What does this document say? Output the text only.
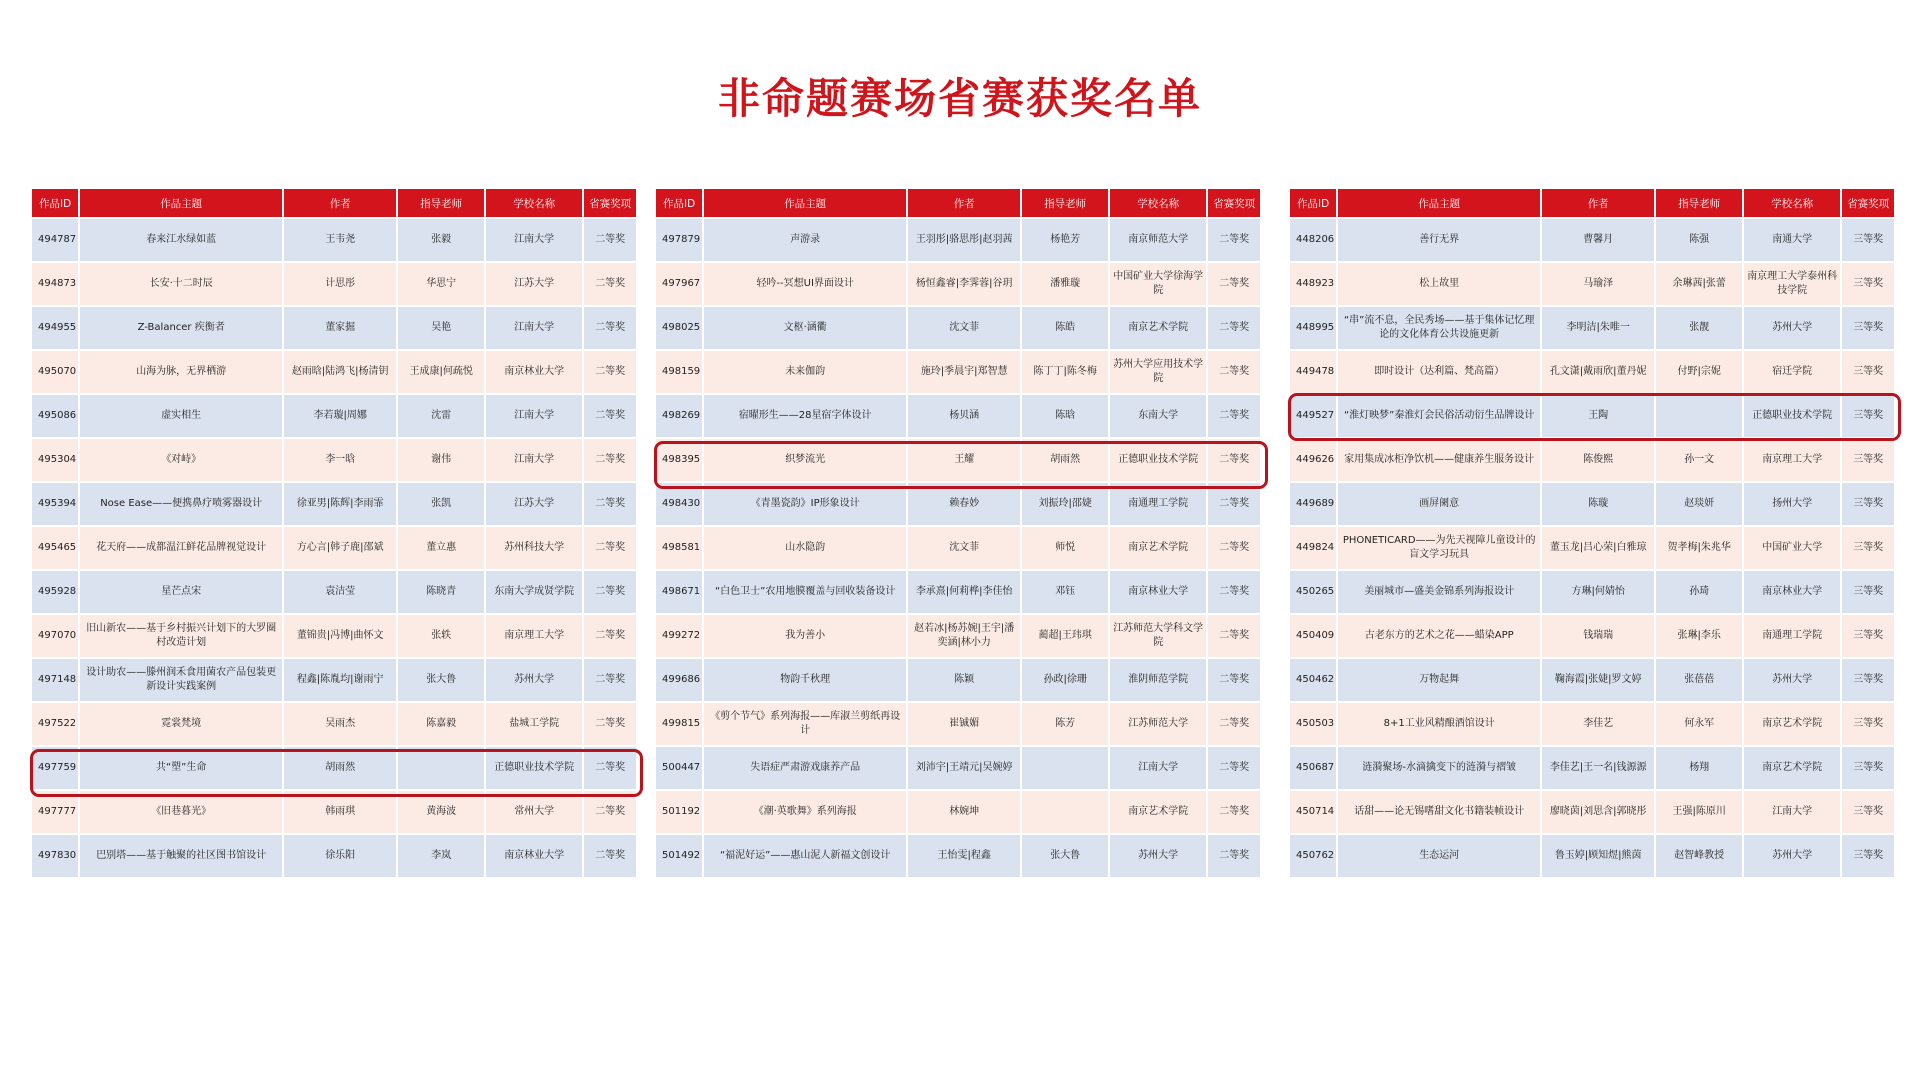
非命题赛场省赛获奖名单
作品ID	作品主题	作者	指导老师	学校名称	省赛奖项
494787	春来江水绿如蓝	王韦尧	张毅	江南大学	二等奖
494873	长安·十二时辰	计思彤	华思宁	江苏大学	二等奖
494955	Z-Balancer 疾衡者	董家掘	吴艳	江南大学	二等奖
495070	山海为脉，无界栖游	赵雨晗|陆鸿飞|杨清钥	王成康|何疏悦	南京林业大学	二等奖
495086	虚实相生	李若璇|周娜	沈雷	江南大学	二等奖
495304	《对峙》	李一晗	谢伟	江南大学	二等奖
495394	Nose Ease——便携鼻疗喷雾器设计	徐亚男|陈辉|李雨霏	张凯	江苏大学	二等奖
495465	花天府——成都温江鲜花品牌视觉设计	方心言|韩子鹿|邵斌	董立惠	苏州科技大学	二等奖
495928	星芒点宋	袁洁莹	陈晓青	东南大学成贤学院	二等奖
497070	旧山新农——基于乡村振兴计划下的大罗圈村改造计划	董锦贵|冯博|曲怀文	张轶	南京理工大学	二等奖
497148	设计助农——滕州润禾食用菌农产品包装更新设计实践案例	程鑫|陈胤均|谢雨宁	张大鲁	苏州大学	二等奖
497522	霓裳梵境	吴雨杰	陈嘉毅	盐城工学院	二等奖
497759	共“塑”生命	胡雨然		正德职业技术学院	二等奖
497777	《旧巷暮光》	韩雨琪	黄海波	常州大学	二等奖
497830	巴别塔——基于触聚的社区图书馆设计	徐乐阳	李岚	南京林业大学	二等奖
作品ID	作品主题	作者	指导老师	学校名称	省赛奖项
497879	声游录	王羽彤|骆思彤|赵羽茜	杨艳芳	南京师范大学	二等奖
497967	轻吟--冥想UI界面设计	杨恒鑫睿|李霁蓉|谷玥	潘雅璇	中国矿业大学徐海学院	二等奖
498025	文枢·涵衢	沈文菲	陈皓	南京艺术学院	二等奖
498159	未来伽韵	施玲|季晨宇|郑智慧	陈丁丁|陈冬梅	苏州大学应用技术学院	二等奖
498269	宿曜形生——28星宿字体设计	杨贝涵	陈晗	东南大学	二等奖
498395	织梦流光	王耀	胡雨然	正德职业技术学院	二等奖
498430	《青墨瓷韵》IP形象设计	赖春妙	刘振玲|邵婕	南通理工学院	二等奖
498581	山水隐韵	沈文菲	师悦	南京艺术学院	二等奖
498671	“白色卫士”农用地膜覆盖与回收装备设计	李承熹|何莉桦|李佳怡	邓钰	南京林业大学	二等奖
499272	我为善小	赵若冰|杨苏婉|王宇|潘奕涵|林小力	蔺超|王玮琪	江苏师范大学科文学院	二等奖
499686	物韵千秋理	陈颖	孙政|徐珊	淮阴师范学院	二等奖
499815	《剪个节气》系列海报——库淑兰剪纸再设计	崔铖媚	陈芳	江苏师范大学	二等奖
500447	失语症严肃游戏康养产品	刘沛宇|王靖元|吴婉婷		江南大学	二等奖
501192	《潮·英歌舞》系列海报	林婉坤		南京艺术学院	二等奖
501492	“福泥好运”——惠山泥人新福文创设计	王怡雯|程鑫	张大鲁	苏州大学	二等奖
作品ID	作品主题	作者	指导老师	学校名称	省赛奖项
448206	善行无界	曹馨月	陈强	南通大学	三等奖
448923	松上故里	马瑜泽	余琳茜|张蕾	南京理工大学泰州科技学院	三等奖
448995	“串”流不息，全民秀场——基于集体记忆理论的文化体育公共设施更新	李明洁|朱唯一	张靓	苏州大学	三等奖
449478	即时设计（达利篇、梵高篇）	孔文潇|戴雨欣|董丹妮	付野|宗妮	宿迁学院	三等奖
449527	“淮灯映梦”秦淮灯会民俗活动衍生品牌设计	王陶		正德职业技术学院	三等奖
449626	家用集成冰柜净饮机——健康养生服务设计	陈俊熙	孙一文	南京理工大学	三等奖
449689	画屏阑意	陈璇	赵琰妍	扬州大学	三等奖
449824	PHONETICARD——为先天视障儿童设计的盲文学习玩具	董玉龙|吕心荣|白雅琼	贺孝梅|朱兆华	中国矿业大学	三等奖
450265	美丽城市—盛美金锦系列海报设计	方琳|何婧怡	孙琦	南京林业大学	三等奖
450409	古老东方的艺术之花——蜡染APP	钱瑞瑞	张琳|李乐	南通理工学院	三等奖
450462	万物起舞	鞠海霞|张婕|罗文婷	张蓓蓓	苏州大学	三等奖
450503	8+1工业风精酿酒馆设计	李佳艺	何永军	南京艺术学院	三等奖
450687	涟漪聚场-水滴擒变下的涟漪与褶皱	李佳艺|王一名|钱源源	杨翔	南京艺术学院	三等奖
450714	话甜——论无锡嗜甜文化书籍装帧设计	廖晓茵|刘思含|郭晓彤	王强|陈原川	江南大学	三等奖
450762	生态运河	鲁玉婷|顾知煜|熊茵	赵智峰教授	苏州大学	三等奖
